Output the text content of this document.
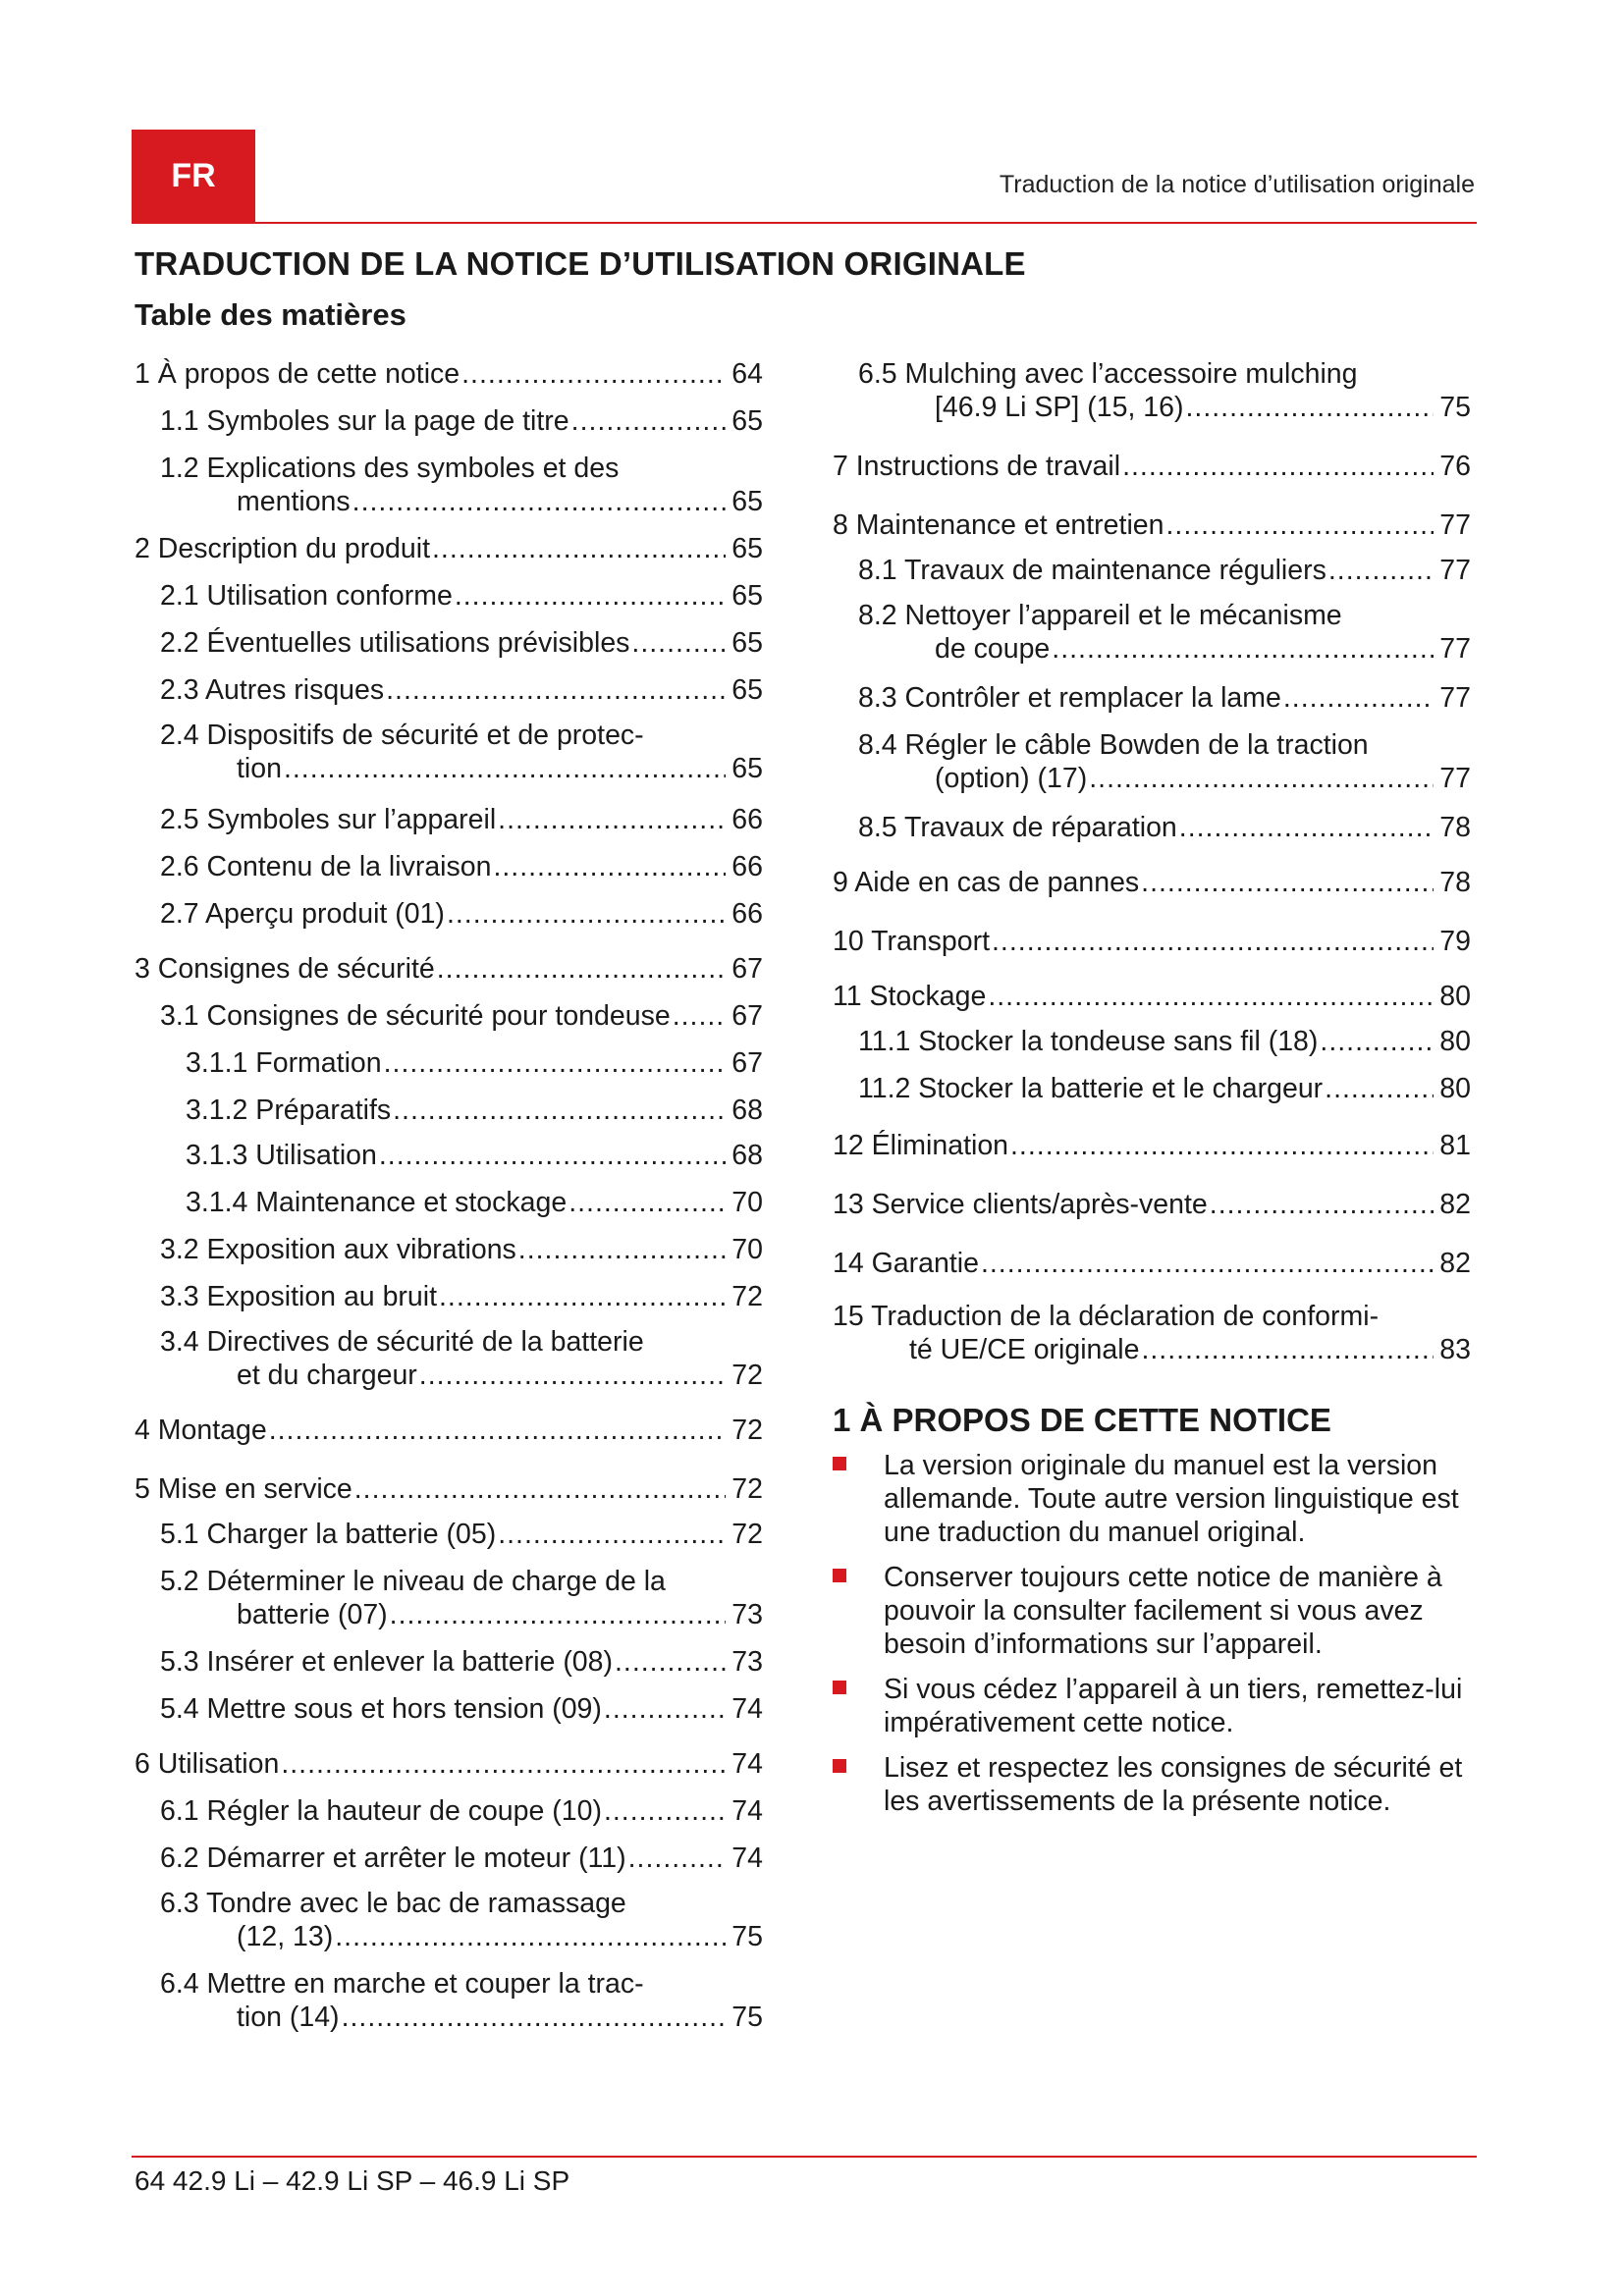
FR	Traduction de la notice d’utilisation originale
TRADUCTION DE LA NOTICE D’UTILISATION ORIGINALE
Table des matières
1 À propos de cette notice .....	64
1.1 Symboles sur la page de titre .....	65
1.2 Explications des symboles et des
mentions .....	65
2 Description du produit .....	65
2.1 Utilisation conforme .....	65
2.2 Éventuelles utilisations prévisibles .....	65
2.3 Autres risques .....	65
2.4 Dispositifs de sécurité et de protec-
tion .....	65
2.5 Symboles sur l’appareil .....	66
2.6 Contenu de la livraison .....	66
2.7 Aperçu produit (01) .....	66
3 Consignes de sécurité .....	67
3.1 Consignes de sécurité pour tondeuse ..... 67
3.1.1 Formation .....	67
3.1.2 Préparatifs .....	68
3.1.3 Utilisation .....	68
3.1.4 Maintenance et stockage .....	70
3.2 Exposition aux vibrations .....	70
3.3 Exposition au bruit .....	72
3.4 Directives de sécurité de la batterie
et du chargeur .....	72
4 Montage .....	72
5 Mise en service .....	72
5.1 Charger la batterie (05) .....	72
5.2 Déterminer le niveau de charge de la
batterie (07) .....	73
5.3 Insérer et enlever la batterie (08) .....	73
5.4 Mettre sous et hors tension (09) .....	74
6 Utilisation .....	74
6.1 Régler la hauteur de coupe (10) .....	74
6.2 Démarrer et arrêter le moteur (11) .....	74
6.3 Tondre avec le bac de ramassage
(12, 13) .....	75
6.4 Mettre en marche et couper la trac-
tion (14) .....	75
6.5 Mulching avec l’accessoire mulching
[46.9 Li SP] (15, 16) .....	75
7 Instructions de travail .....	76
8 Maintenance et entretien .....	77
8.1 Travaux de maintenance réguliers .....	77
8.2 Nettoyer l’appareil et le mécanisme
de coupe .....	77
8.3 Contrôler et remplacer la lame .....	77
8.4 Régler le câble Bowden de la traction
(option) (17) .....	77
8.5 Travaux de réparation .....	78
9 Aide en cas de pannes .....	78
10 Transport .....	79
11 Stockage .....	80
11.1 Stocker la tondeuse sans fil (18) .....	80
11.2 Stocker la batterie et le chargeur .....	80
12 Élimination .....	81
13 Service clients/après-vente .....	82
14 Garantie .....	82
15 Traduction de la déclaration de conformi-
té UE/CE originale .....	83
1 À PROPOS DE CETTE NOTICE
La version originale du manuel est la version allemande. Toute autre version linguistique est une traduction du manuel original.
Conserver toujours cette notice de manière à pouvoir la consulter facilement si vous avez besoin d’informations sur l’appareil.
Si vous cédez l’appareil à un tiers, remettez-lui impérativement cette notice.
Lisez et respectez les consignes de sécurité et les avertissements de la présente notice.
64 42.9 Li – 42.9 Li SP – 46.9 Li SP
